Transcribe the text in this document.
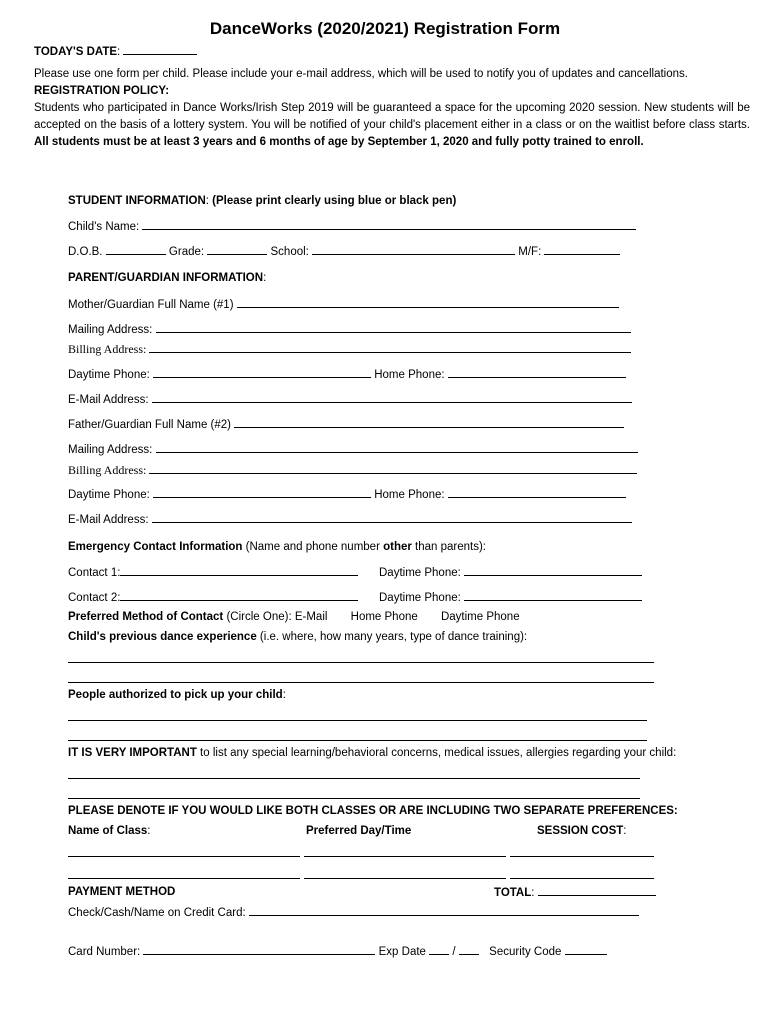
DanceWorks (2020/2021) Registration Form
TODAY'S DATE:
Please use one form per child. Please include your e-mail address, which will be used to notify you of updates and cancellations.
REGISTRATION POLICY:
Students who participated in Dance Works/Irish Step 2019 will be guaranteed a space for the upcoming 2020 session. New students will be accepted on the basis of a lottery system. You will be notified of your child's placement either in a class or on the waitlist before class starts. All students must be at least 3 years and 6 months of age by September 1, 2020 and fully potty trained to enroll.
STUDENT INFORMATION: (Please print clearly using blue or black pen)
Child's Name:
D.O.B.	Grade:	School:	M/F:
PARENT/GUARDIAN INFORMATION:
Mother/Guardian Full Name (#1)
Mailing Address:
Billing Address:
Daytime Phone:	Home Phone:
E-Mail Address:
Father/Guardian Full Name (#2)
Mailing Address:
Billing Address:
Daytime Phone:	Home Phone:
E-Mail Address:
Emergency Contact Information (Name and phone number other than parents):
Contact 1:	Daytime Phone:
Contact 2:	Daytime Phone:
Preferred Method of Contact (Circle One): E-Mail Home Phone Daytime Phone
Child's previous dance experience (i.e. where, how many years, type of dance training):
People authorized to pick up your child:
IT IS VERY IMPORTANT to list any special learning/behavioral concerns, medical issues, allergies regarding your child:
PLEASE DENOTE IF YOU WOULD LIKE BOTH CLASSES OR ARE INCLUDING TWO SEPARATE PREFERENCES:
Name of Class:	Preferred Day/Time	SESSION COST:
PAYMENT METHOD	TOTAL:
Check/Cash/Name on Credit Card:
Card Number:	Exp Date /	Security Code
